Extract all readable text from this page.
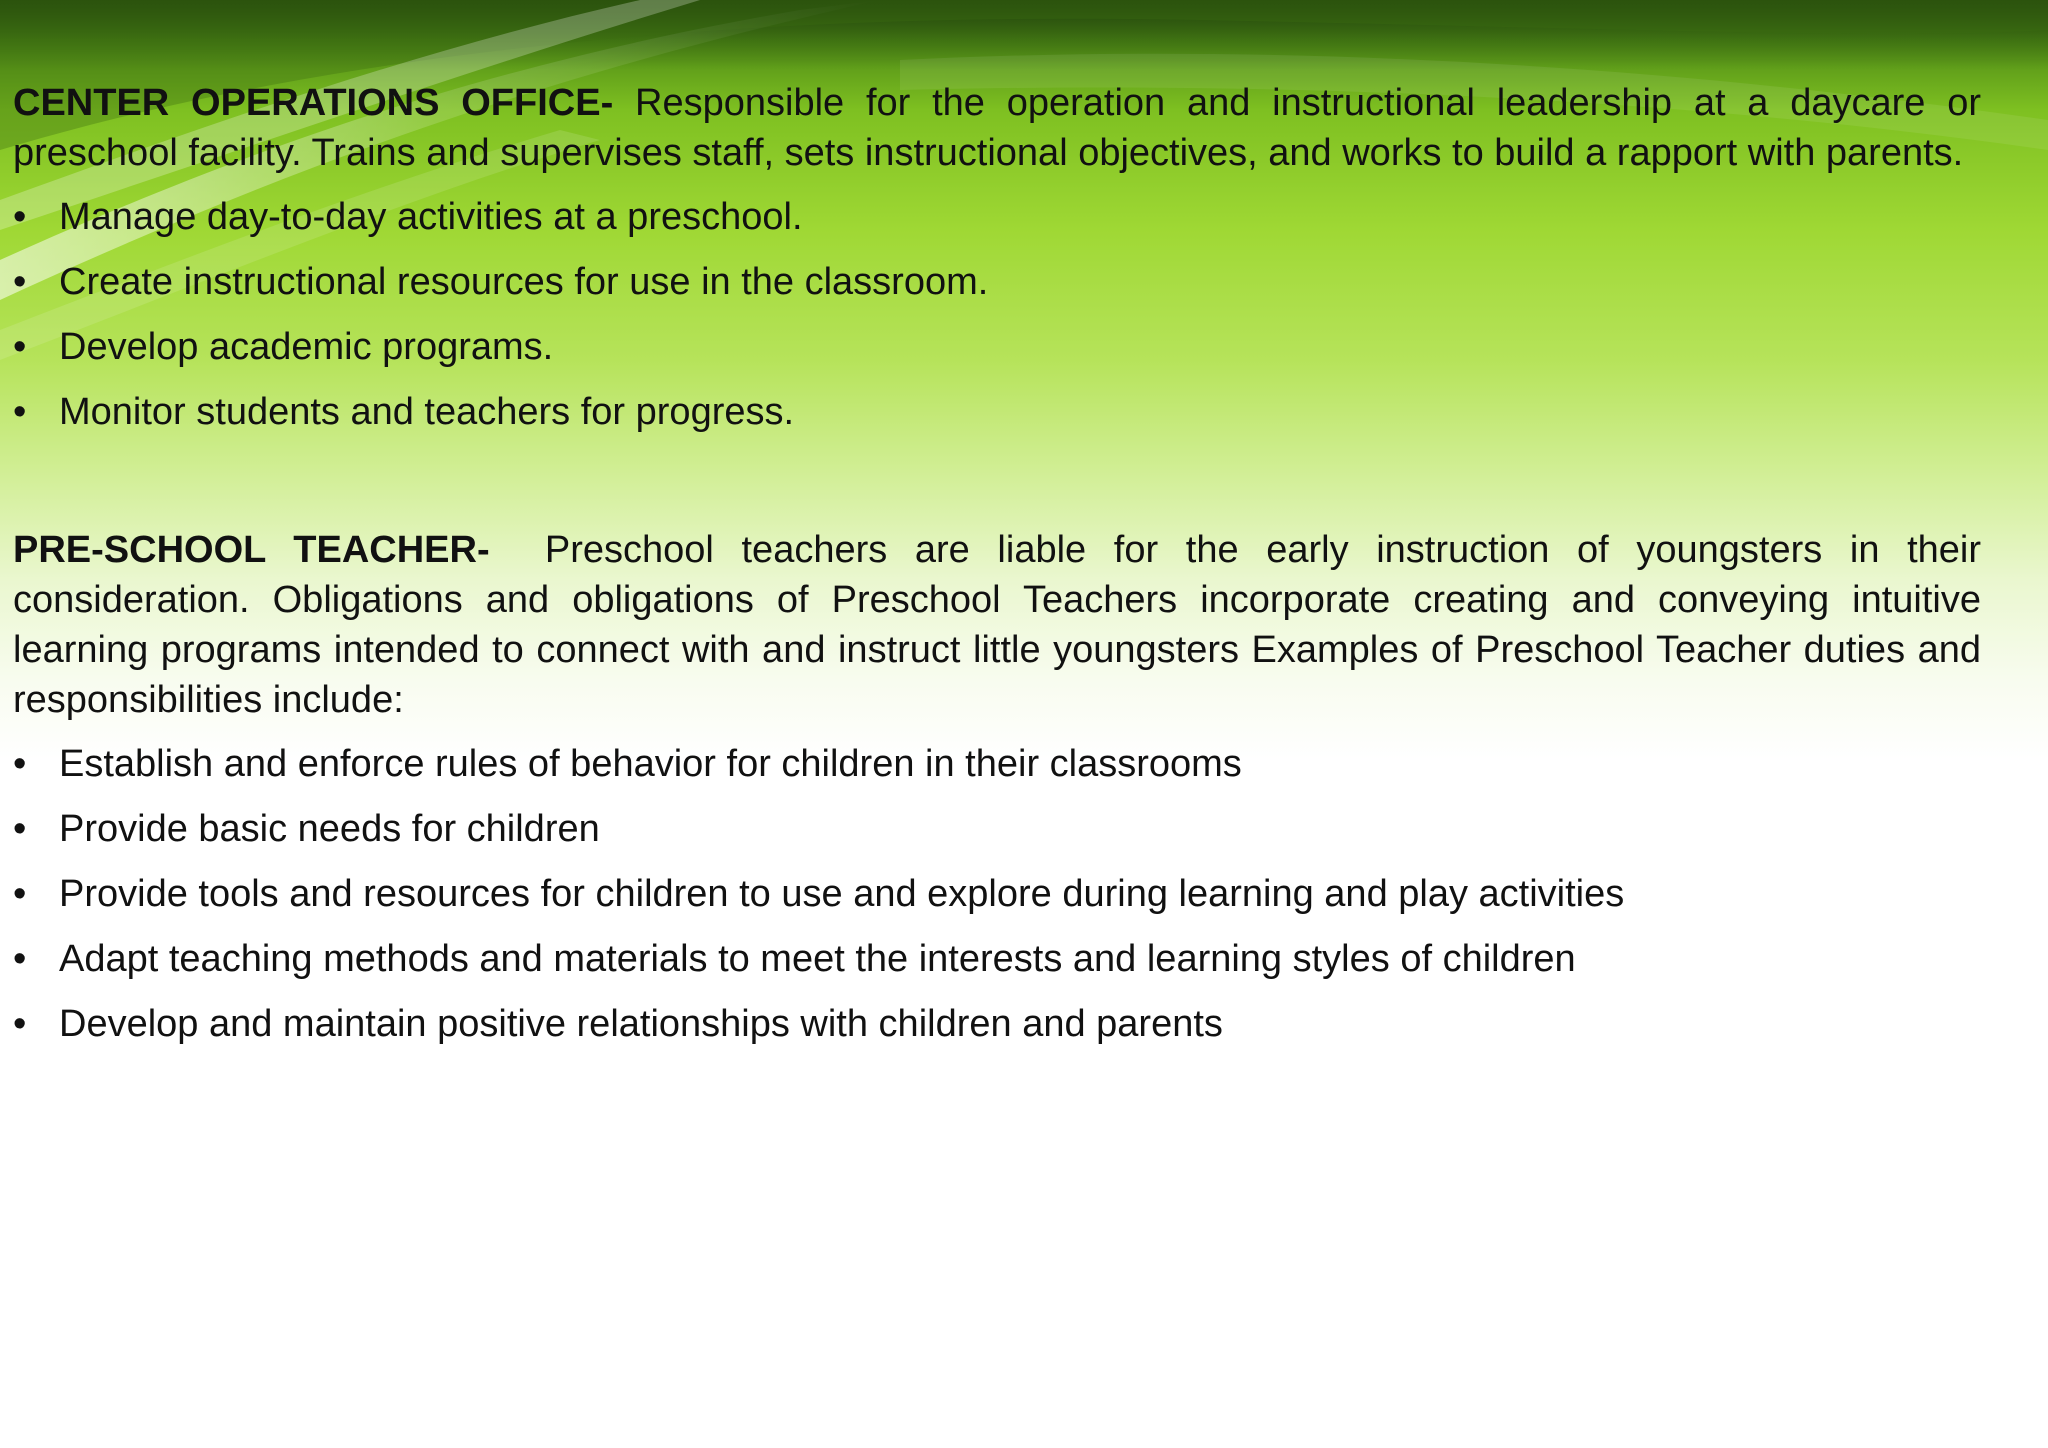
CENTER OPERATIONS OFFICE- Responsible for the operation and instructional leadership at a daycare or preschool facility. Trains and supervises staff, sets instructional objectives, and works to build a rapport with parents.

• Manage day-to-day activities at a preschool.
• Create instructional resources for use in the classroom.
• Develop academic programs.
• Monitor students and teachers for progress.

PRE-SCHOOL TEACHER-  Preschool teachers are liable for the early instruction of youngsters in their consideration. Obligations and obligations of Preschool Teachers incorporate creating and conveying intuitive learning programs intended to connect with and instruct little youngsters Examples of Preschool Teacher duties and responsibilities include:

• Establish and enforce rules of behavior for children in their classrooms
• Provide basic needs for children
• Provide tools and resources for children to use and explore during learning and play activities
• Adapt teaching methods and materials to meet the interests and learning styles of children
• Develop and maintain positive relationships with children and parents
